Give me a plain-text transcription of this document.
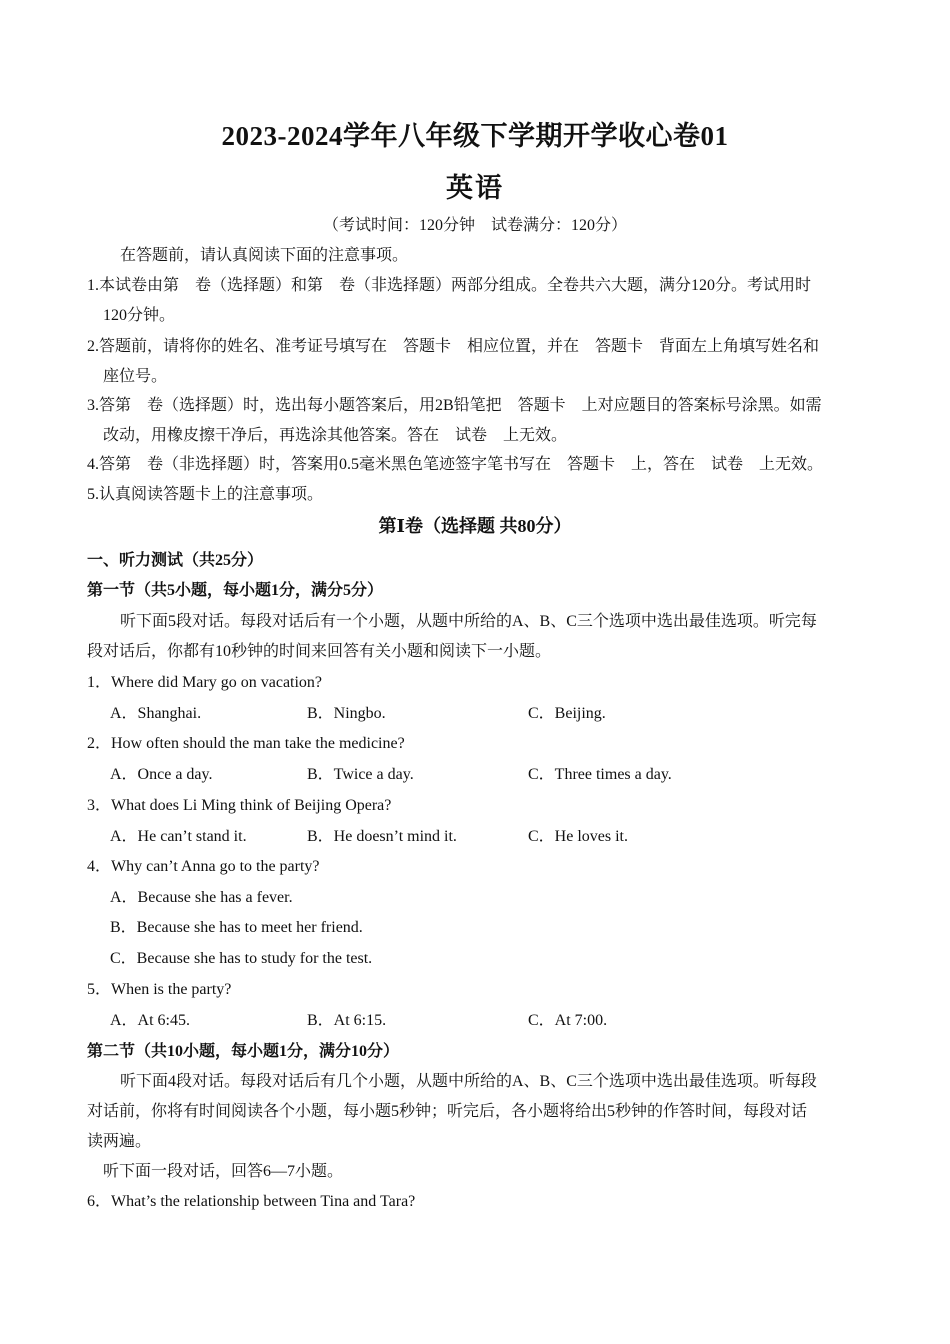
2023-2024学年八年级下学期开学收心卷01
英语
（考试时间：120分钟　试卷满分：120分）
在答题前，请认真阅读下面的注意事项。
1.本试卷由第　卷（选择题）和第　卷（非选择题）两部分组成。全卷共六大题，满分120分。考试用时
120分钟。
2.答题前，请将你的姓名、准考证号填写在　答题卡　相应位置，并在　答题卡　背面左上角填写姓名和
座位号。
3.答第　卷（选择题）时，选出每小题答案后，用2B铅笔把　答题卡　上对应题目的答案标号涂黑。如需
改动，用橡皮擦干净后，再选涂其他答案。答在　试卷　上无效。
4.答第　卷（非选择题）时，答案用0.5毫米黑色笔迹签字笔书写在　答题卡　上，答在　试卷　上无效。
5.认真阅读答题卡上的注意事项。
第Ⅰ卷（选择题 共80分）
一、听力测试（共25分）
第一节（共5小题，每小题1分，满分5分）
听下面5段对话。每段对话后有一个小题，从题中所给的A、B、C三个选项中选出最佳选项。听完每
段对话后，你都有10秒钟的时间来回答有关小题和阅读下一小题。
1．Where did Mary go on vacation?
A．Shanghai.	B．Ningbo.	C．Beijing.
2．How often should the man take the medicine?
A．Once a day.	B．Twice a day.	C．Three times a day.
3．What does Li Ming think of Beijing Opera?
A．He can’t stand it.	B．He doesn’t mind it.	C．He loves it.
4．Why can’t Anna go to the party?
A．Because she has a fever.
B．Because she has to meet her friend.
C．Because she has to study for the test.
5．When is the party?
A．At 6:45.	B．At 6:15.	C．At 7:00.
第二节（共10小题，每小题1分，满分10分）
听下面4段对话。每段对话后有几个小题，从题中所给的A、B、C三个选项中选出最佳选项。听每段
对话前，你将有时间阅读各个小题，每小题5秒钟；听完后，各小题将给出5秒钟的作答时间，每段对话
读两遍。
听下面一段对话，回答6—7小题。
6．What’s the relationship between Tina and Tara?
